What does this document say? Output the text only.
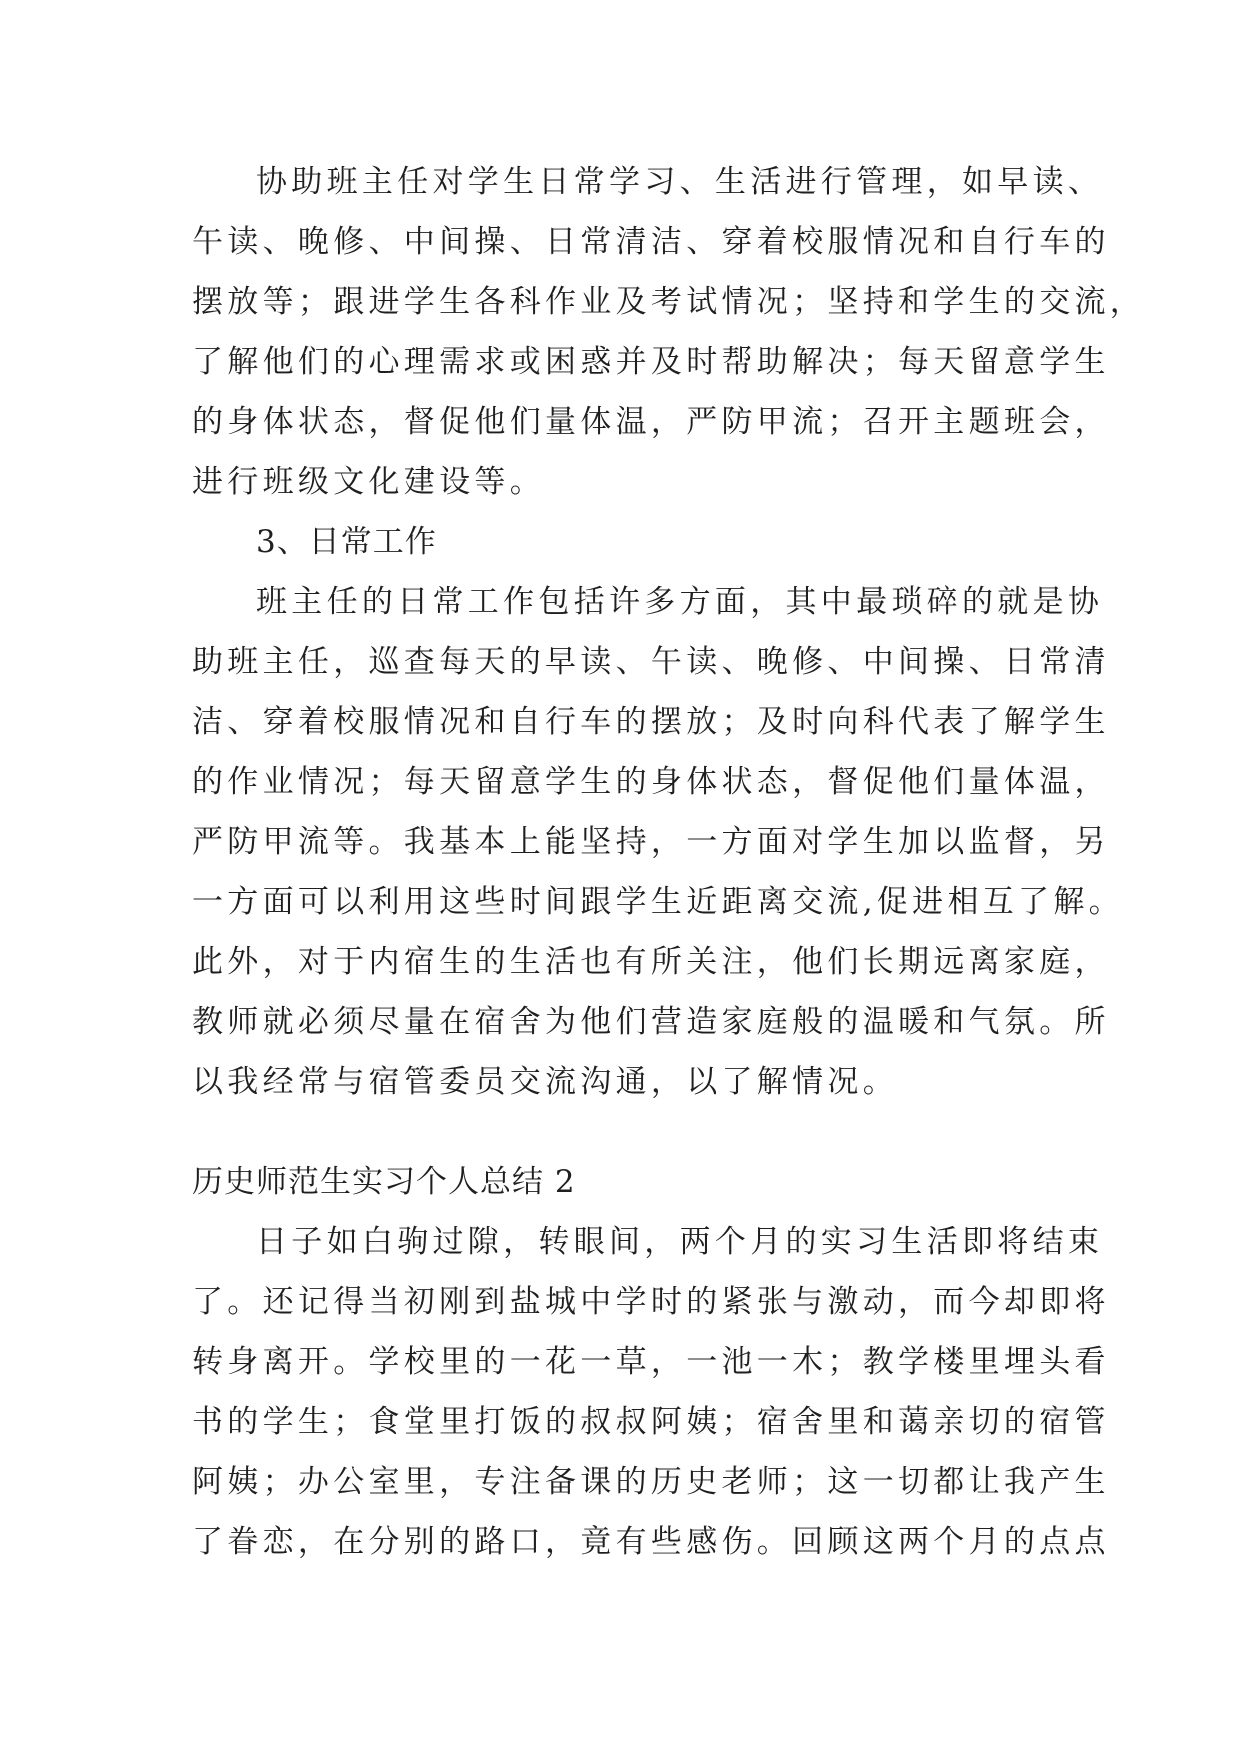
协助班主任对学生日常学习、生活进行管理，如早读、

午读、晚修、中间操、日常清洁、穿着校服情况和自行车的

摆放等；跟进学生各科作业及考试情况；坚持和学生的交流，

了解他们的心理需求或困惑并及时帮助解决；每天留意学生

的身体状态，督促他们量体温，严防甲流；召开主题班会，

进行班级文化建设等。

3、日常工作

班主任的日常工作包括许多方面，其中最琐碎的就是协

助班主任，巡查每天的早读、午读、晚修、中间操、日常清

洁、穿着校服情况和自行车的摆放；及时向科代表了解学生

的作业情况；每天留意学生的身体状态，督促他们量体温，

严防甲流等。我基本上能坚持，一方面对学生加以监督，另

一方面可以利用这些时间跟学生近距离交流,促进相互了解。

此外，对于内宿生的生活也有所关注，他们长期远离家庭，

教师就必须尽量在宿舍为他们营造家庭般的温暖和气氛。所

以我经常与宿管委员交流沟通，以了解情况。

历史师范生实习个人总结 2

日子如白驹过隙，转眼间，两个月的实习生活即将结束

了。还记得当初刚到盐城中学时的紧张与激动，而今却即将

转身离开。学校里的一花一草，一池一木；教学楼里埋头看

书的学生；食堂里打饭的叔叔阿姨；宿舍里和蔼亲切的宿管

阿姨；办公室里，专注备课的历史老师；这一切都让我产生

了眷恋，在分别的路口，竟有些感伤。回顾这两个月的点点
